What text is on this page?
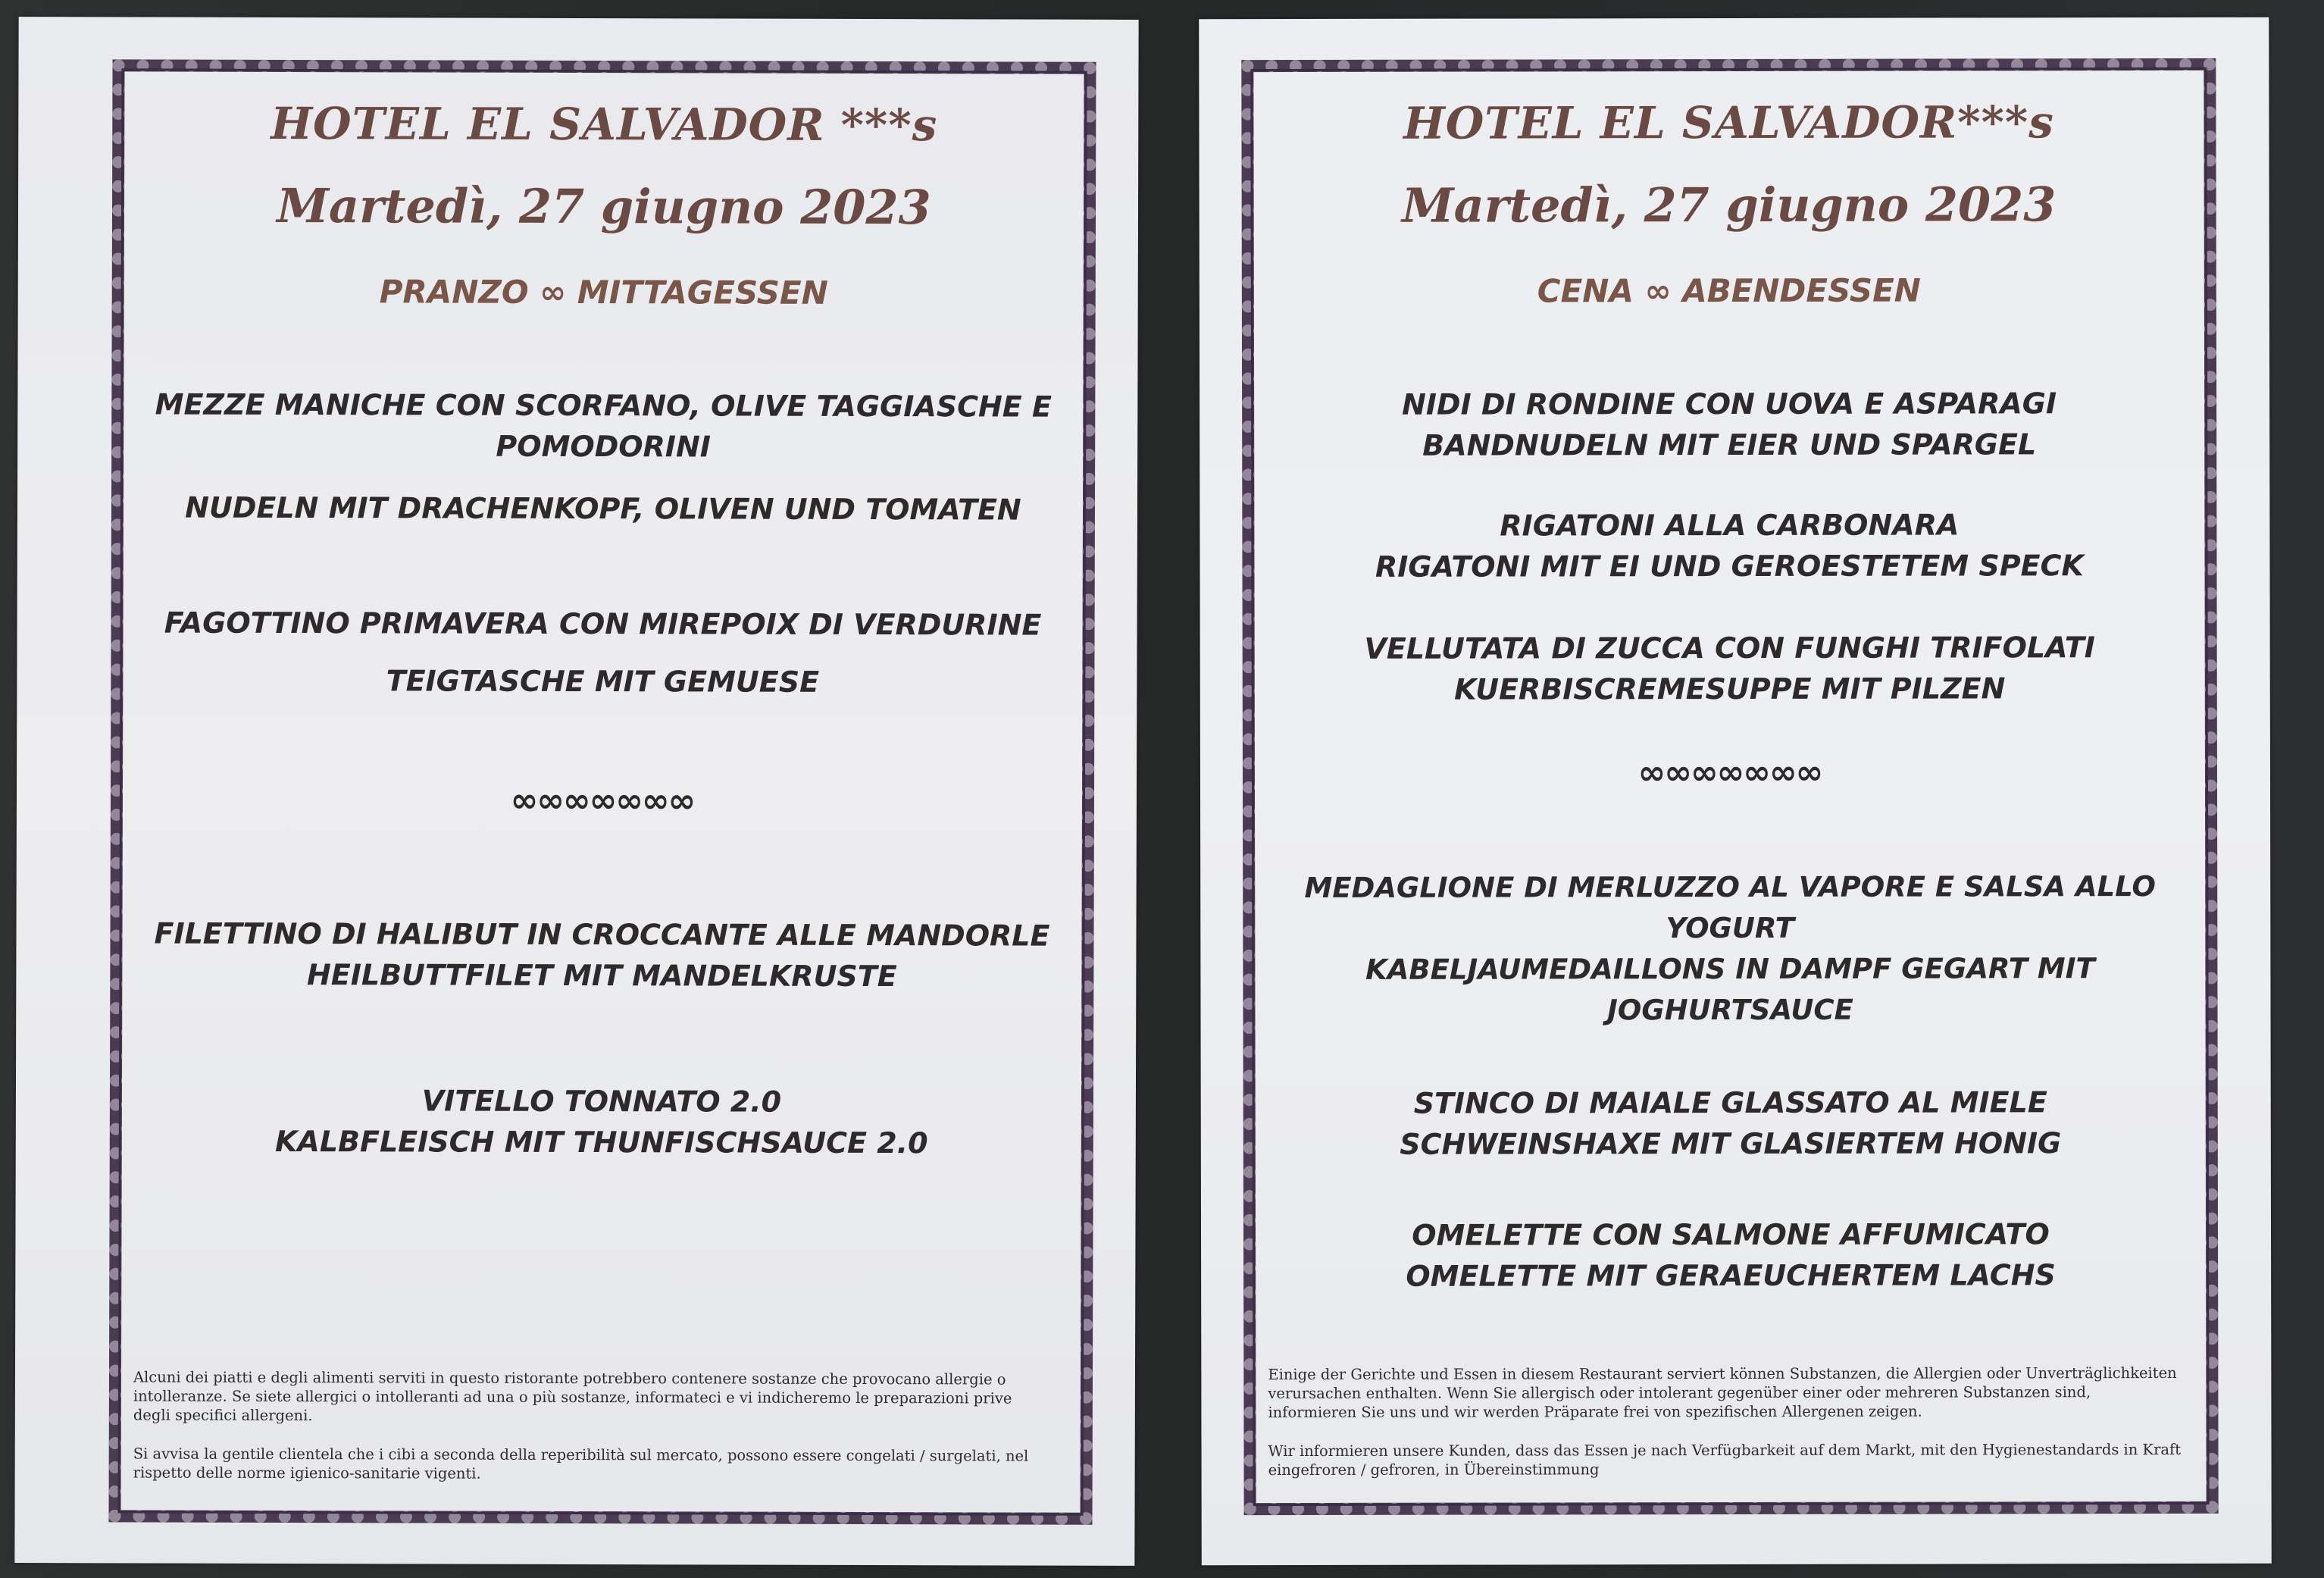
HOTEL EL SALVADOR ***s
Martedì, 27 giugno 2023
PRANZO ∞ MITTAGESSEN
MEZZE MANICHE CON SCORFANO, OLIVE TAGGIASCHE E
POMODORINI
NUDELN MIT DRACHENKOPF, OLIVEN UND TOMATEN
FAGOTTINO PRIMAVERA CON MIREPOIX DI VERDURINE
TEIGTASCHE MIT GEMUESE
∞∞∞∞∞∞∞
FILETTINO DI HALIBUT IN CROCCANTE ALLE MANDORLE
HEILBUTTFILET MIT MANDELKRUSTE
VITELLO TONNATO 2.0
KALBFLEISCH MIT THUNFISCHSAUCE 2.0

Alcuni dei piatti e degli alimenti serviti in questo ristorante potrebbero contenere sostanze che provocano allergie o intolleranze. Se siete allergici o intolleranti ad una o più sostanze, informateci e vi indicheremo le preparazioni prive degli specifici allergeni.

Si avvisa la gentile clientela che i cibi a seconda della reperibilità sul mercato, possono essere congelati / surgelati, nel rispetto delle norme igienico-sanitarie vigenti.

HOTEL EL SALVADOR***s
Martedì, 27 giugno 2023
CENA ∞ ABENDESSEN
NIDI DI RONDINE CON UOVA E ASPARAGI
BANDNUDELN MIT EIER UND SPARGEL
RIGATONI ALLA CARBONARA
RIGATONI MIT EI UND GEROESTETEM SPECK
VELLUTATA DI ZUCCA CON FUNGHI TRIFOLATI
KUERBISCREMESUPPE MIT PILZEN
∞∞∞∞∞∞∞
MEDAGLIONE DI MERLUZZO AL VAPORE E SALSA ALLO
YOGURT
KABELJAUMEDAILLONS IN DAMPF GEGART MIT
JOGHURTSAUCE
STINCO DI MAIALE GLASSATO AL MIELE
SCHWEINSHAXE MIT GLASIERTEM HONIG
OMELETTE CON SALMONE AFFUMICATO
OMELETTE MIT GERAEUCHERTEM LACHS

Einige der Gerichte und Essen in diesem Restaurant serviert können Substanzen, die Allergien oder Unverträglichkeiten verursachen enthalten. Wenn Sie allergisch oder intolerant gegenüber einer oder mehreren Substanzen sind, informieren Sie uns und wir werden Präparate frei von spezifischen Allergenen zeigen.

Wir informieren unsere Kunden, dass das Essen je nach Verfügbarkeit auf dem Markt, mit den Hygienestandards in Kraft eingefroren / gefroren, in Übereinstimmung
